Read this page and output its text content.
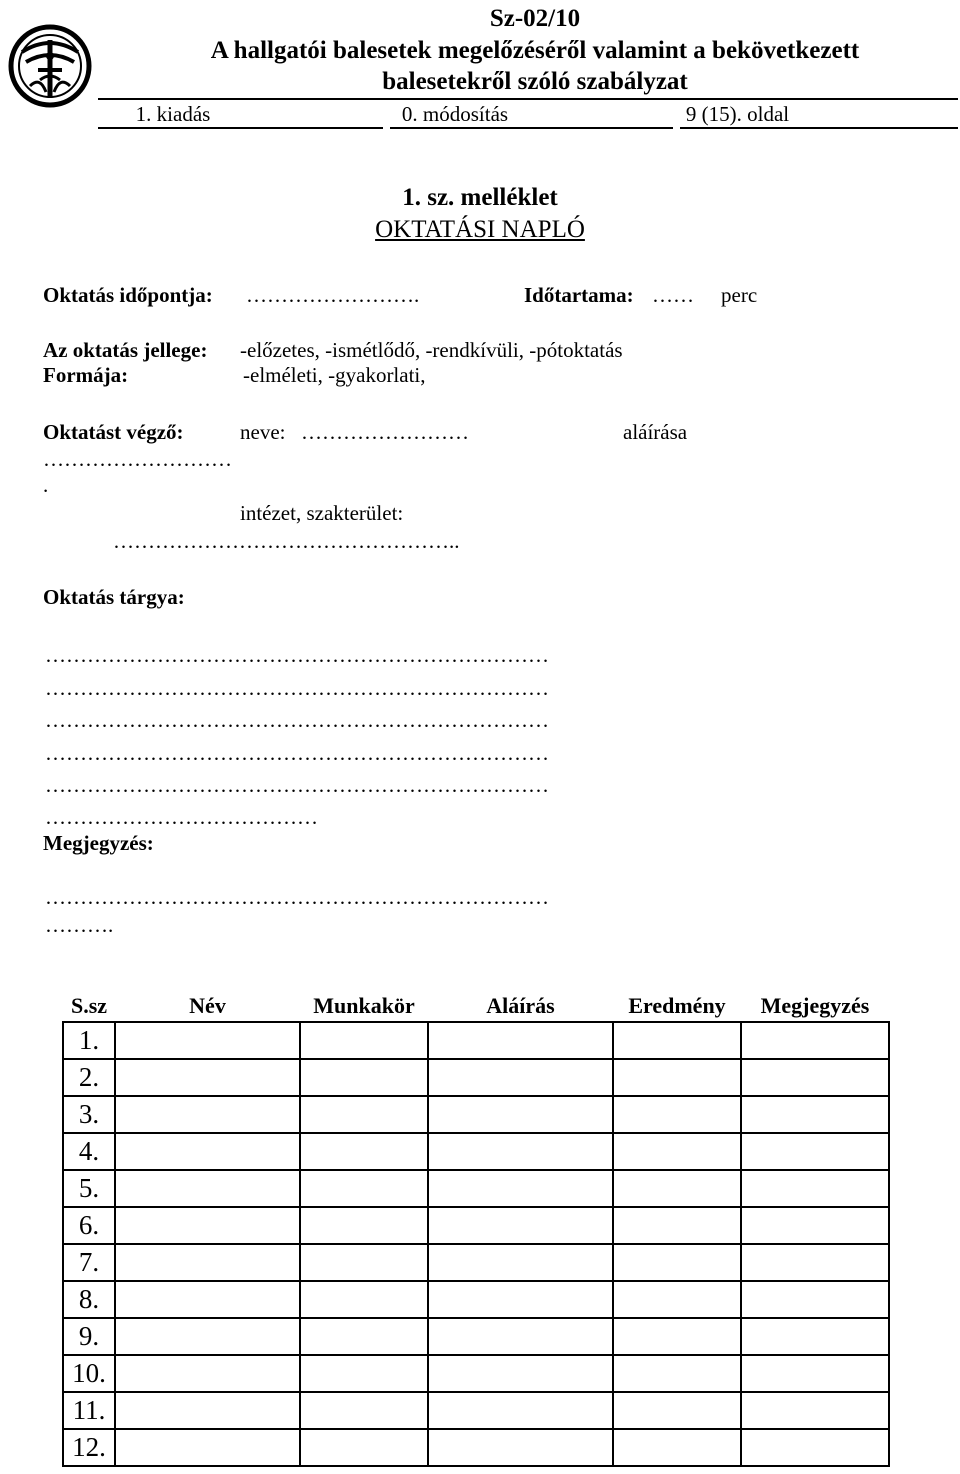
Sz-02/10
A hallgatói balesetek megelőzéséről valamint a bekövetkezett
balesetekről szóló szabályzat
1. kiadás	0. módosítás	9 (15). oldal
1. sz. melléklet
OKTATÁSI NAPLÓ
Oktatás időpontja: …………………….	Időtartama: …… perc
Az oktatás jellege: -előzetes, -ismétlődő, -rendkívüli, -pótoktatás
Formája:	-elméleti, -gyakorlati,
Oktatást végző:	neve: ……………………	aláírása
………………………
.
intézet, szakterület:
…………………………………………..
Oktatás tárgya:
………………………………………………………………
………………………………………………………………
………………………………………………………………
………………………………………………………………
………………………………………………………………
…………………………………
Megjegyzés:
………………………………………………………………
……….
S.sz	Név	Munkakör	Aláírás	Eredmény	Megjegyzés
1.					
2.					
3.					
4.					
5.					
6.					
7.					
8.					
9.					
10.					
11.					
12.					
